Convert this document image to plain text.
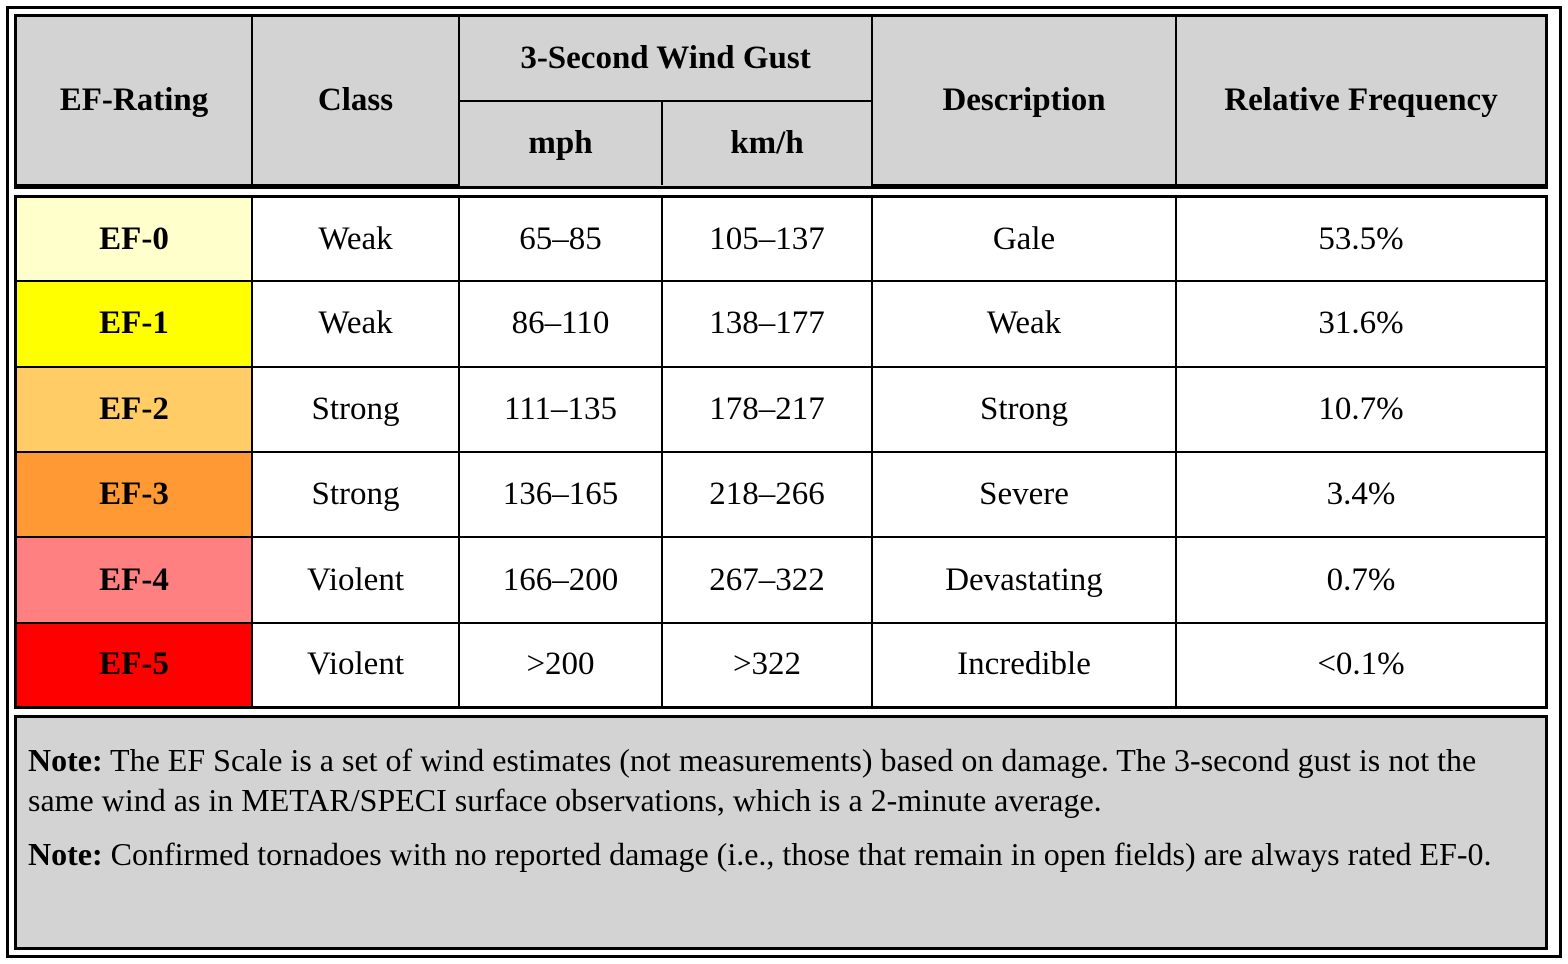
EF-Rating	Class	3-Second Wind Gust		Description	Relative Frequency
		mph	km/h		
EF-0	Weak	65–85	105–137	Gale	53.5%
EF-1	Weak	86–110	138–177	Weak	31.6%
EF-2	Strong	111–135	178–217	Strong	10.7%
EF-3	Strong	136–165	218–266	Severe	3.4%
EF-4	Violent	166–200	267–322	Devastating	0.7%
EF-5	Violent	>200	>322	Incredible	<0.1%

Note: The EF Scale is a set of wind estimates (not measurements) based on damage. The 3-second gust is not the same wind as in METAR/SPECI surface observations, which is a 2-minute average.

Note: Confirmed tornadoes with no reported damage (i.e., those that remain in open fields) are always rated EF-0.
